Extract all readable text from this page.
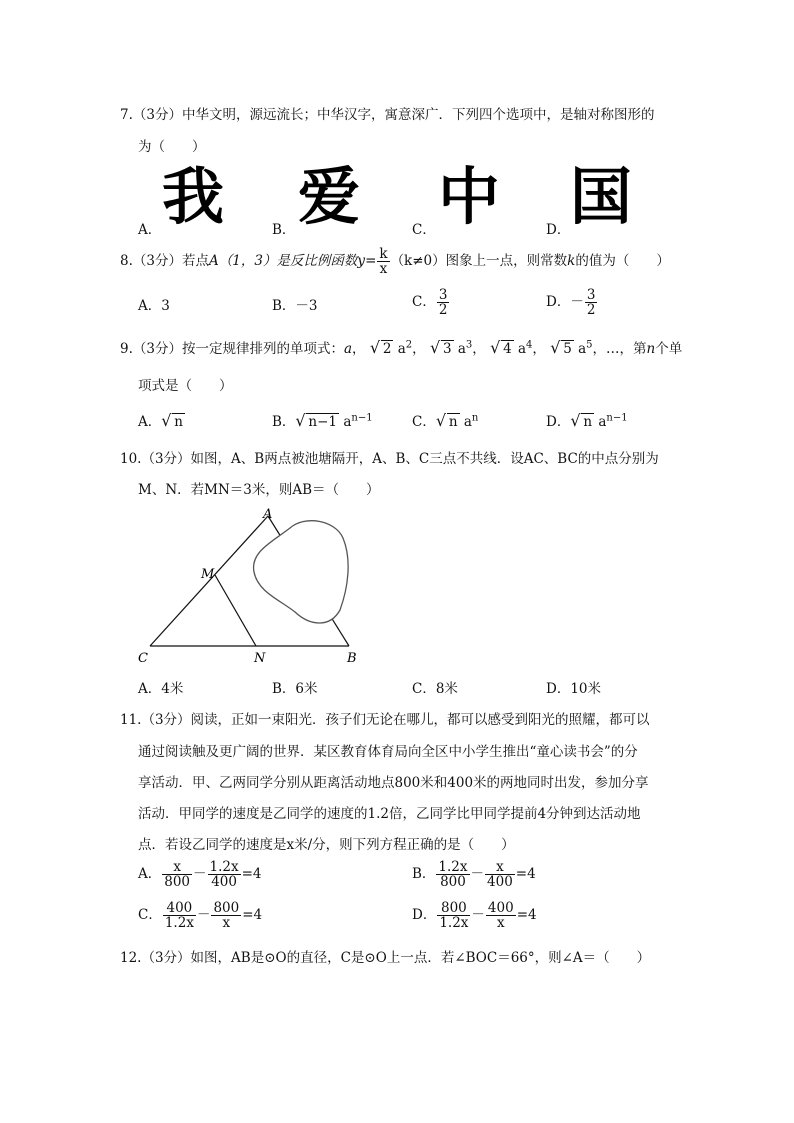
7.（3分）中华文明，源远流长；中华汉字，寓意深广．下列四个选项中，是轴对称图形的
为（　　）
A． 我	B． 爱	C． 中	D． 国
8.（3分）若点A（1，3）是反比例函数$y= \frac{k}{x} (k\ne 0)$图象上一点，则常数k的值为（　　）
A．3	B．－3	C． $\frac{3}{2}$	D．－ $\frac{3}{2}$
9.（3分）按一定规律排列的单项式：a， √ 2 $a^2$， √ 3 $a^3$， √ 4 $a^4$， √ 5 $a^5$，…，第n个单
项式是（　　）
A． √ n	B． √ n−1 $a^{n-1}$	C． √ n $a^n$	D． √ n $a^{n-1}$
10.（3分）如图，A、B两点被池塘隔开，A、B、C三点不共线．设AC、BC的中点分别为
M、N．若MN＝3米，则AB＝（　　）
A
M
C	N	B
A．4米	B．6米	C．8米	D．10米
11.（3分）阅读，正如一束阳光．孩子们无论在哪儿，都可以感受到阳光的照耀，都可以
通过阅读触及更广阔的世界．某区教育体育局向全区中小学生推出“童心读书会”的分
享活动．甲、乙两同学分别从距离活动地点800米和400米的两地同时出发，参加分享
活动．甲同学的速度是乙同学的速度的1.2倍，乙同学比甲同学提前4分钟到达活动地
点．若设乙同学的速度是x米/分，则下列方程正确的是（　　）
A． $\frac{x}{800} - \frac{1.2x}{400} =4$	B． $\frac{1.2x}{800} - \frac{x}{400} =4$
C． $\frac{400}{1.2x} - \frac{800}{x} =4$	D． $\frac{800}{1.2x} - \frac{400}{x} =4$
12.（3分）如图，AB是⊙O的直径，C是⊙O上一点．若∠BOC＝66°，则∠A＝（　　）
